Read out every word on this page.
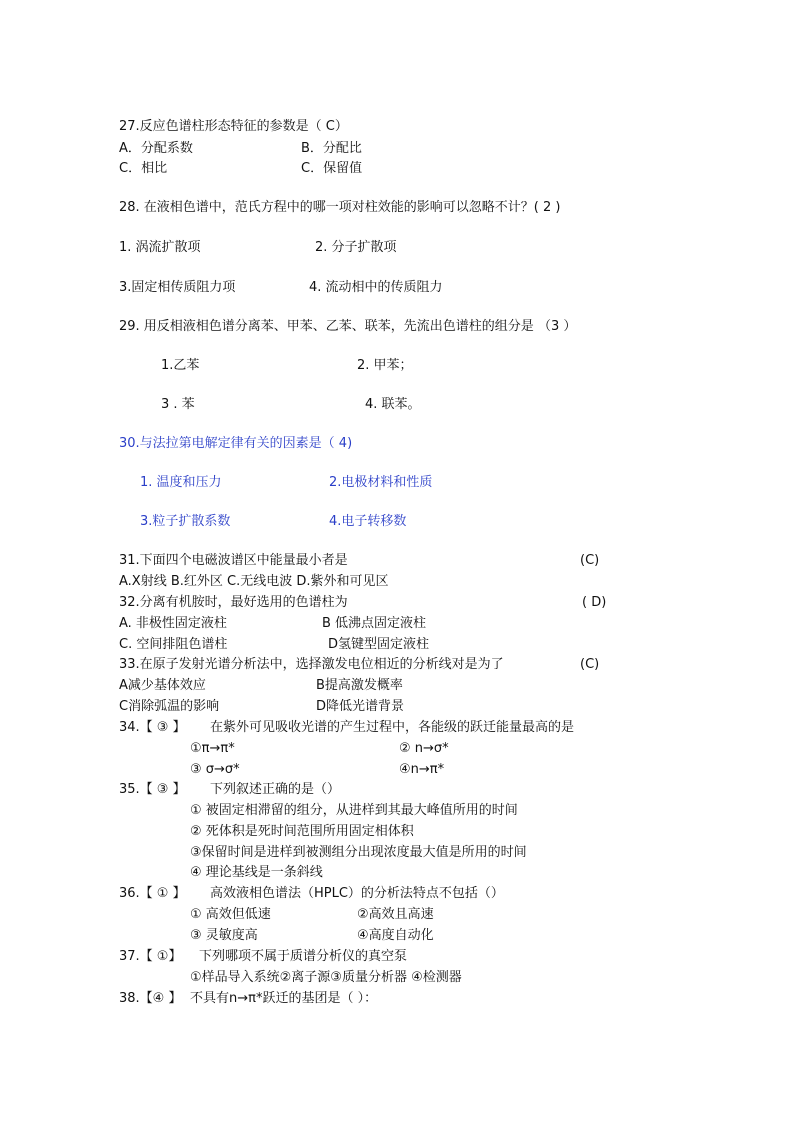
27.反应色谱柱形态特征的参数是（ C）
A．分配系数	B．分配比
C．相比	C．保留值
28. 在液相色谱中，范氏方程中的哪一项对柱效能的影响可以忽略不计？( 2 )
1. 涡流扩散项	2. 分子扩散项
3.固定相传质阻力项	4. 流动相中的传质阻力
29. 用反相液相色谱分离苯、甲苯、乙苯、联苯，先流出色谱柱的组分是 （3 ）
1.乙苯	2. 甲苯；
3 . 苯	4. 联苯。
30.与法拉第电解定律有关的因素是（ 4)
1. 温度和压力	2.电极材料和性质
3.粒子扩散系数	4.电子转移数
31.下面四个电磁波谱区中能量最小者是	(C)
A.X射线 B.红外区 C.无线电波 D.紫外和可见区
32.分离有机胺时，最好选用的色谱柱为	( D)
A. 非极性固定液柱	B 低沸点固定液柱
C. 空间排阻色谱柱	D氢键型固定液柱
33.在原子发射光谱分析法中，选择激发电位相近的分析线对是为了	(C)
A减少基体效应	B提高激发概率
C消除弧温的影响	D降低光谱背景
34.【 ③ 】 在紫外可见吸收光谱的产生过程中，各能级的跃迁能量最高的是
①π→π*	② n→σ*
③ σ→σ*	④n→π*
35.【 ③ 】 下列叙述正确的是（）
① 被固定相滞留的组分，从进样到其最大峰值所用的时间
② 死体积是死时间范围所用固定相体积
③保留时间是进样到被测组分出现浓度最大值是所用的时间
④ 理论基线是一条斜线
36.【 ① 】 高效液相色谱法（HPLC）的分析法特点不包括（）
① 高效但低速	②高效且高速
③ 灵敏度高	④高度自动化
37.【 ①】 下列哪项不属于质谱分析仪的真空泵
①样品导入系统②离子源③质量分析器 ④检测器
38.【④ 】 不具有n→π*跃迁的基团是（ ）：
